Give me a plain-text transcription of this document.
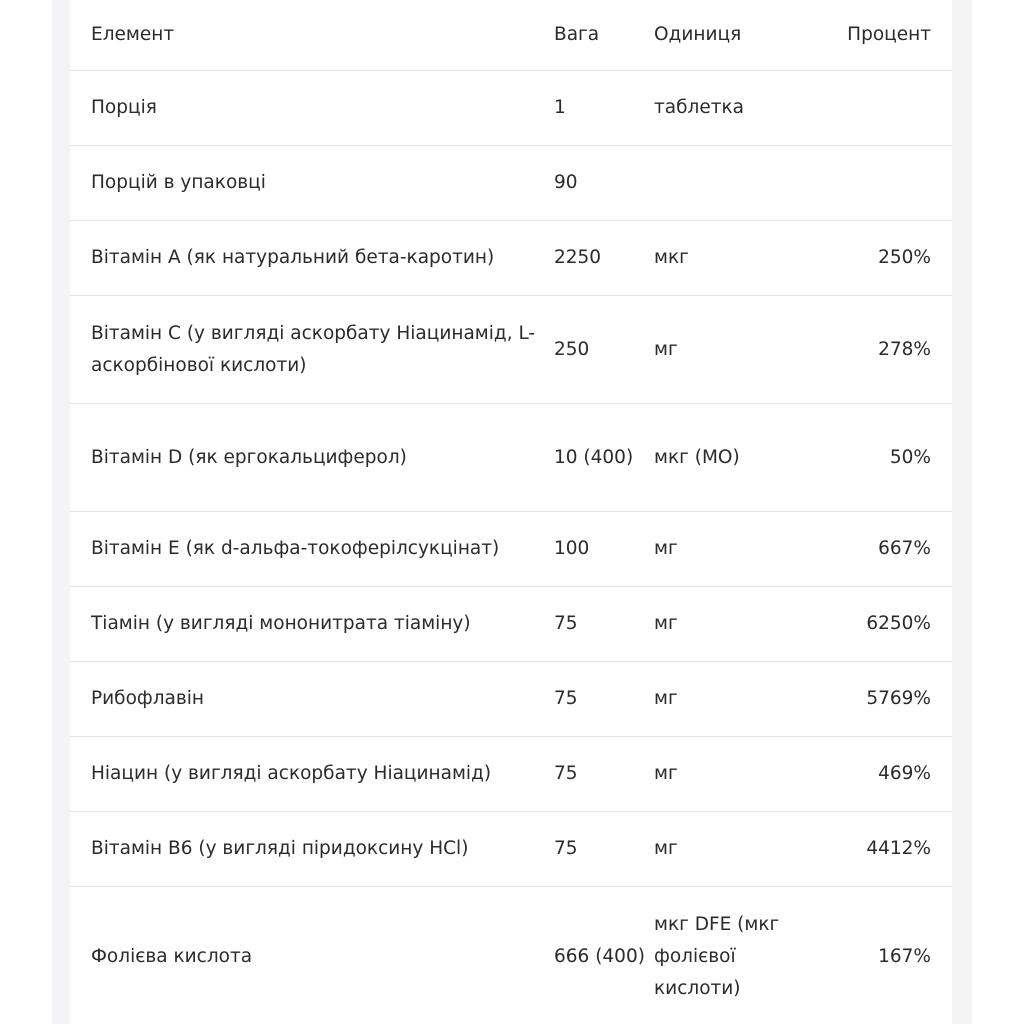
Елемент	Вага	Одиниця	Процент
Порція	1	таблетка	
Порцій в упаковці	90		
Вітамін A (як натуральний бета-каротин)	2250	мкг	250%
Вітамін C (у вигляді аскорбату Ніацинамід, L-аскорбінової кислоти)	250	мг	278%
Вітамін D (як ергокальциферол)	10 (400)	мкг (МО)	50%
Вітамін E (як d-альфа-токоферілсукцінат)	100	мг	667%
Тіамін (у вигляді мононитрата тіаміну)	75	мг	6250%
Рибофлавін	75	мг	5769%
Ніацин (у вигляді аскорбату Ніацинамід)	75	мг	469%
Вітамін B6 (у вигляді піридоксину HCl)	75	мг	4412%
Фолієва кислота	666 (400)	мкг DFE (мкг фолієвої кислоти)	167%
